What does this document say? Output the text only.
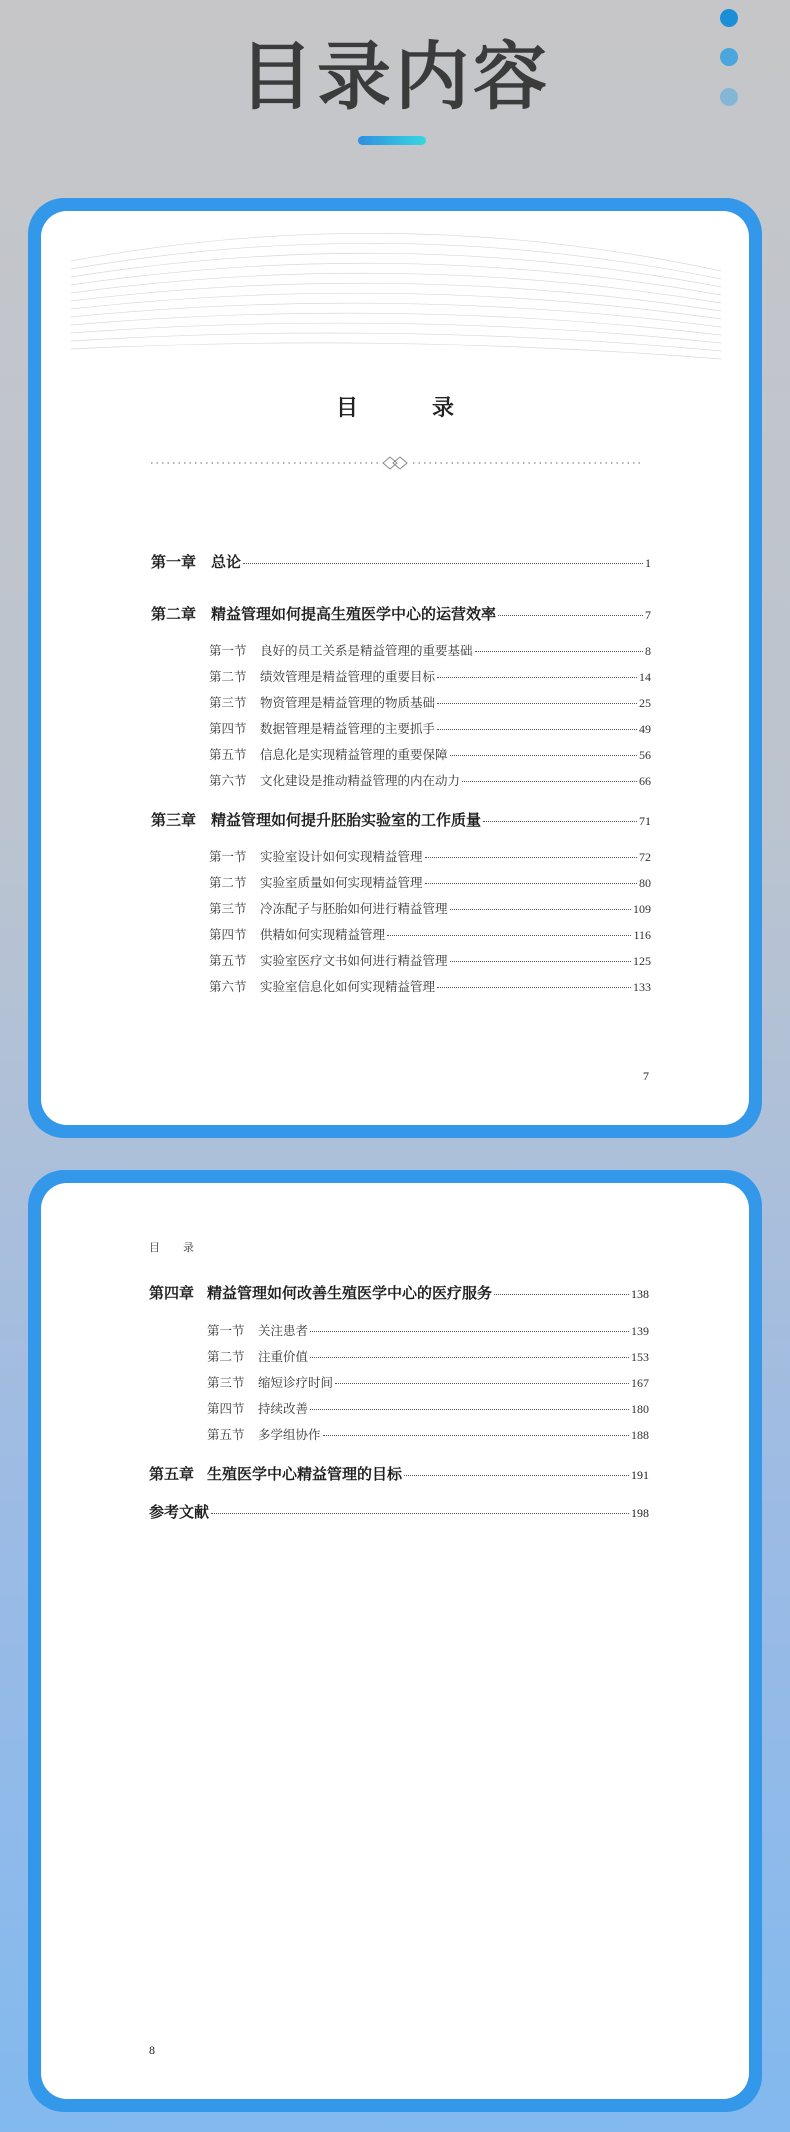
目录内容
目 录
第一章 总论	1
第二章 精益管理如何提高生殖医学中心的运营效率	7
第一节	良好的员工关系是精益管理的重要基础	8
第二节	绩效管理是精益管理的重要目标	14
第三节	物资管理是精益管理的物质基础	25
第四节	数据管理是精益管理的主要抓手	49
第五节	信息化是实现精益管理的重要保障	56
第六节	文化建设是推动精益管理的内在动力	66
第三章 精益管理如何提升胚胎实验室的工作质量	71
第一节	实验室设计如何实现精益管理	72
第二节	实验室质量如何实现精益管理	80
第三节	冷冻配子与胚胎如何进行精益管理	109
第四节	供精如何实现精益管理	116
第五节	实验室医疗文书如何进行精益管理	125
第六节	实验室信息化如何实现精益管理	133
7
目 录
第四章 精益管理如何改善生殖医学中心的医疗服务	138
第一节	关注患者	139
第二节	注重价值	153
第三节	缩短诊疗时间	167
第四节	持续改善	180
第五节	多学组协作	188
第五章 生殖医学中心精益管理的目标	191
参考文献	198
8
